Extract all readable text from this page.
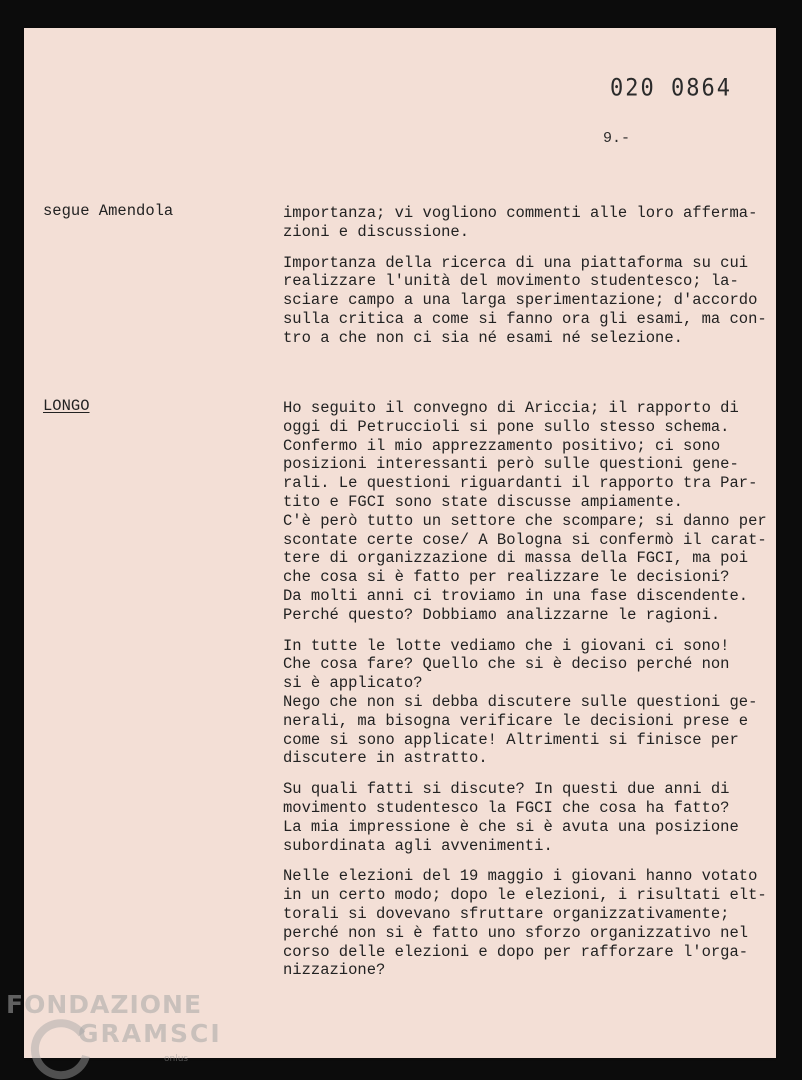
020 0864
9.-
segue Amendola	importanza; vi vogliono commenti alle loro afferma-
zioni e discussione.

Importanza della ricerca di una piattaforma su cui
realizzare l'unità del movimento studentesco; la-
sciare campo a una larga sperimentazione; d'accordo
sulla critica a come si fanno ora gli esami, ma con-
tro a che non ci sia né esami né selezione.

LONGO	Ho seguito il convegno di Ariccia; il rapporto di
oggi di Petruccioli si pone sullo stesso schema.
Confermo il mio apprezzamento positivo; ci sono
posizioni interessanti però sulle questioni gene-
rali. Le questioni riguardanti il rapporto tra Par-
tito e FGCI sono state discusse ampiamente.
C'è però tutto un settore che scompare; si danno per
scontate certe cose/ A Bologna si confermò il carat-
tere di organizzazione di massa della FGCI, ma poi
che cosa si è fatto per realizzare le decisioni?
Da molti anni ci troviamo in una fase discendente.
Perché questo? Dobbiamo analizzarne le ragioni.

In tutte le lotte vediamo che i giovani ci sono!
Che cosa fare? Quello che si è deciso perché non
si è applicato?
Nego che non si debba discutere sulle questioni ge-
nerali, ma bisogna verificare le decisioni prese e
come si sono applicate! Altrimenti si finisce per
discutere in astratto.

Su quali fatti si discute? In questi due anni di
movimento studentesco la FGCI che cosa ha fatto?
La mia impressione è che si è avuta una posizione
subordinata agli avvenimenti.

Nelle elezioni del 19 maggio i giovani hanno votato
in un certo modo; dopo le elezioni, i risultati elt-
torali si dovevano sfruttare organizzativamente;
perché non si è fatto uno sforzo organizzativo nel
corso delle elezioni e dopo per rafforzare l'orga-
nizzazione?

FONDAZIONE
GRAMSCI
onlus
